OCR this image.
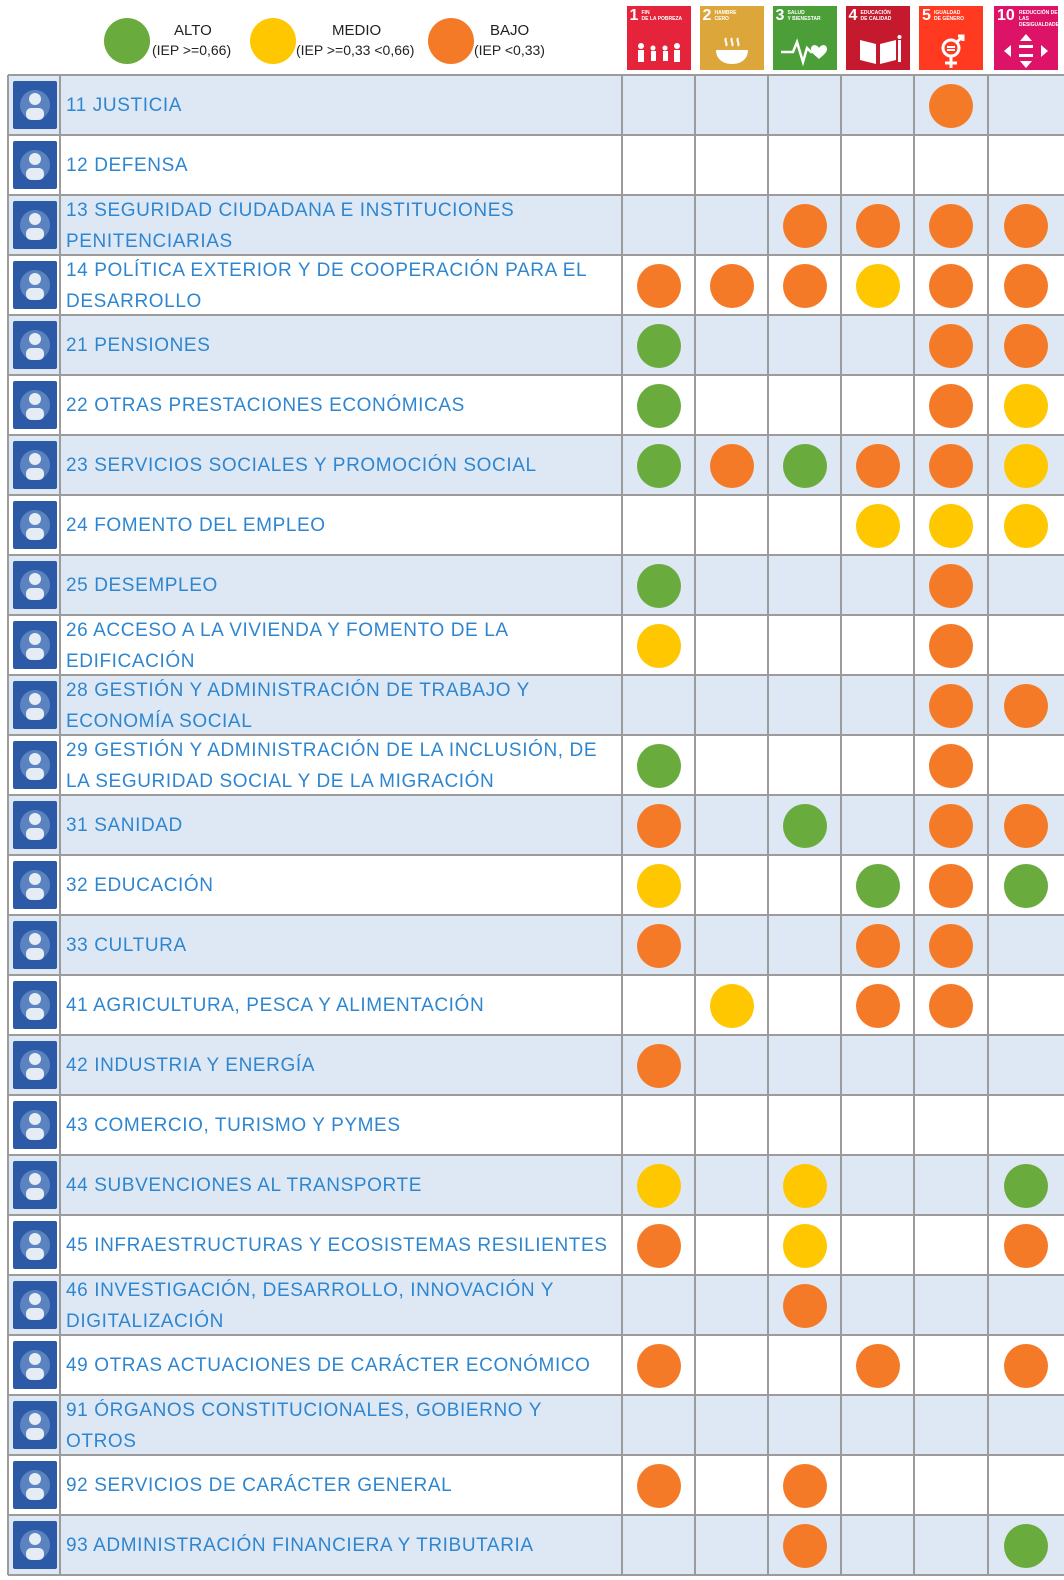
ALTO
(IEP >=0,66)
MEDIO
(IEP >=0,33 <0,66)
BAJO
(IEP <0,33)
1 FIN
DE LA POBREZA 2 HAMBRE
CERO	3 SALUD
Y BIENESTAR 4 EDUCACIÓN
DE CALIDAD 5 IGUALDAD
DE GÉNERO 10 REDUCCIÓN DE LAS
DESIGUALDADES
11 JUSTICIA
12 DEFENSA
13 SEGURIDAD CIUDADANA E INSTITUCIONES PENITENCIARIAS
14 POLÍTICA EXTERIOR Y DE COOPERACIÓN PARA EL DESARROLLO
21 PENSIONES
22 OTRAS PRESTACIONES ECONÓMICAS
23 SERVICIOS SOCIALES Y PROMOCIÓN SOCIAL
24 FOMENTO DEL EMPLEO
25 DESEMPLEO
26 ACCESO A LA VIVIENDA Y FOMENTO DE LA EDIFICACIÓN
28 GESTIÓN Y ADMINISTRACIÓN DE TRABAJO Y ECONOMÍA SOCIAL
29 GESTIÓN Y ADMINISTRACIÓN DE LA INCLUSIÓN, DE LA SEGURIDAD SOCIAL Y DE LA MIGRACIÓN
31 SANIDAD
32 EDUCACIÓN
33 CULTURA
41 AGRICULTURA, PESCA Y ALIMENTACIÓN
42 INDUSTRIA Y ENERGÍA
43 COMERCIO, TURISMO Y PYMES
44 SUBVENCIONES AL TRANSPORTE
45 INFRAESTRUCTURAS Y ECOSISTEMAS RESILIENTES
46 INVESTIGACIÓN, DESARROLLO, INNOVACIÓN Y DIGITALIZACIÓN
49 OTRAS ACTUACIONES DE CARÁCTER ECONÓMICO
91 ÓRGANOS CONSTITUCIONALES, GOBIERNO Y OTROS
92 SERVICIOS DE CARÁCTER GENERAL
93 ADMINISTRACIÓN FINANCIERA Y TRIBUTARIA
